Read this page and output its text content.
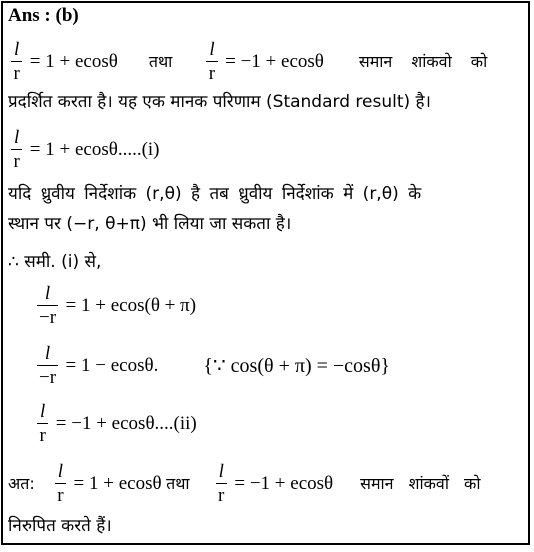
Ans : (b)
$\frac{l}{r} = 1 + ecos\theta$ तथा $\frac{l}{r} = -1 + ecos\theta$ समान शांकवो को
प्रदर्शित करता है। यह एक मानक परिणाम (Standard result) है।
$\frac{l}{r} = 1 + ecos\theta.....(i)$
यदि ध्रुवीय निर्देशांक (r,θ) है तब ध्रुवीय निर्देशांक में (r,θ) के
स्थान पर (−r, θ+π) भी लिया जा सकता है।
∴ समी. (i) से,
$\frac{l}{-r} = 1 + ecos(\theta + \pi)$
$\frac{l}{-r} = 1 - ecos\theta$. {∵ cos(θ + π) = −cosθ}
$\frac{l}{r} = -1 + ecos\theta....(ii)$
अत: $\frac{l}{r} = 1 + ecos\theta$ तथा $\frac{l}{r} = -1 + ecos\theta$ समान शांकवों को
निरुपित करते हैं।
